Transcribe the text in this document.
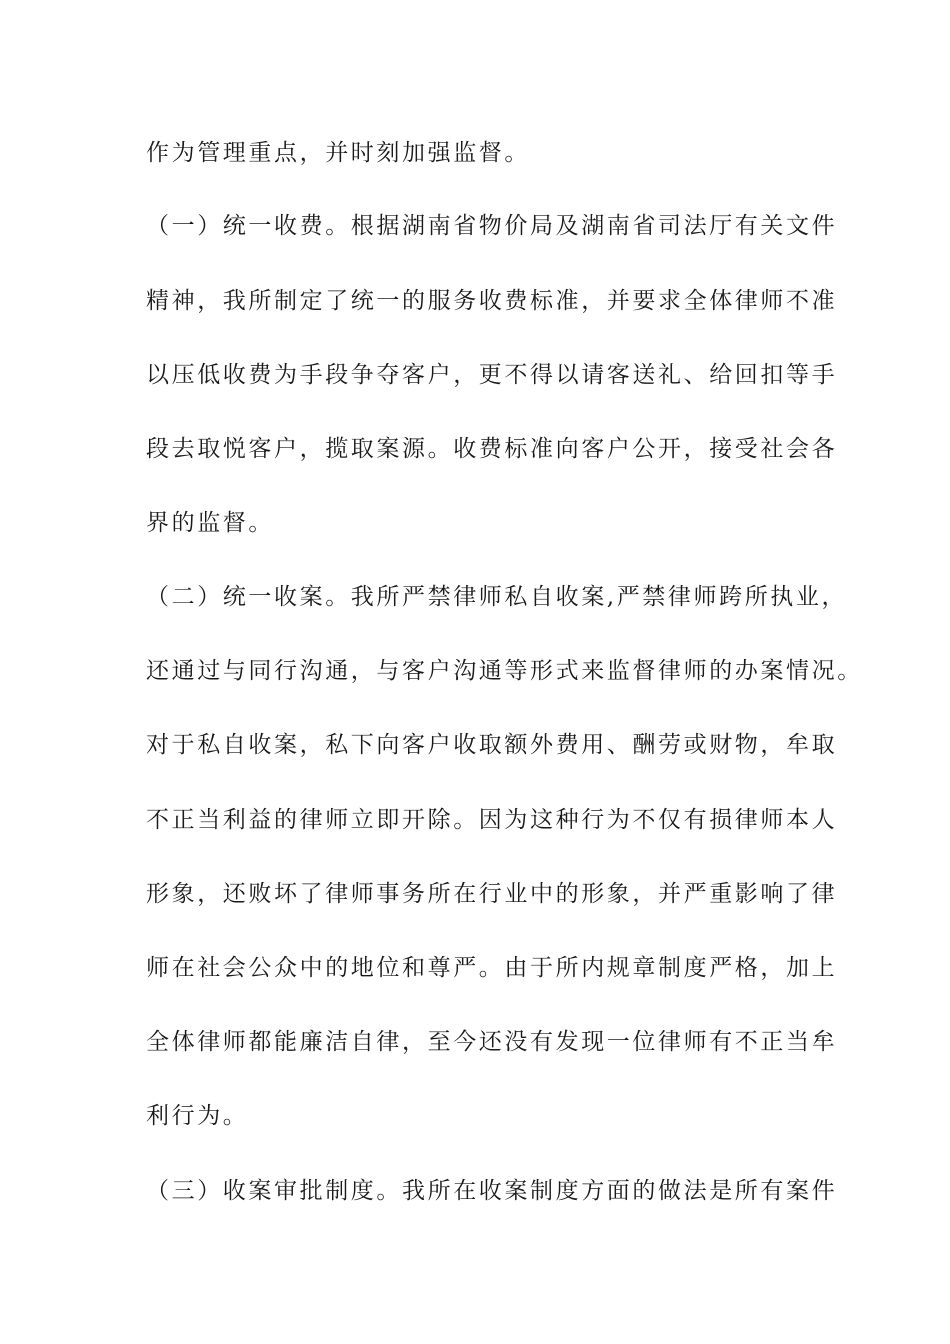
作为管理重点，并时刻加强监督。
（一）统一收费。根据湖南省物价局及湖南省司法厅有关文件
精神，我所制定了统一的服务收费标准，并要求全体律师不准
以压低收费为手段争夺客户，更不得以请客送礼、给回扣等手
段去取悦客户，揽取案源。收费标准向客户公开，接受社会各
界的监督。
（二）统一收案。我所严禁律师私自收案,严禁律师跨所执业，
还通过与同行沟通，与客户沟通等形式来监督律师的办案情况。
对于私自收案，私下向客户收取额外费用、酬劳或财物，牟取
不正当利益的律师立即开除。因为这种行为不仅有损律师本人
形象，还败坏了律师事务所在行业中的形象，并严重影响了律
师在社会公众中的地位和尊严。由于所内规章制度严格，加上
全体律师都能廉洁自律，至今还没有发现一位律师有不正当牟
利行为。
（三）收案审批制度。我所在收案制度方面的做法是所有案件
